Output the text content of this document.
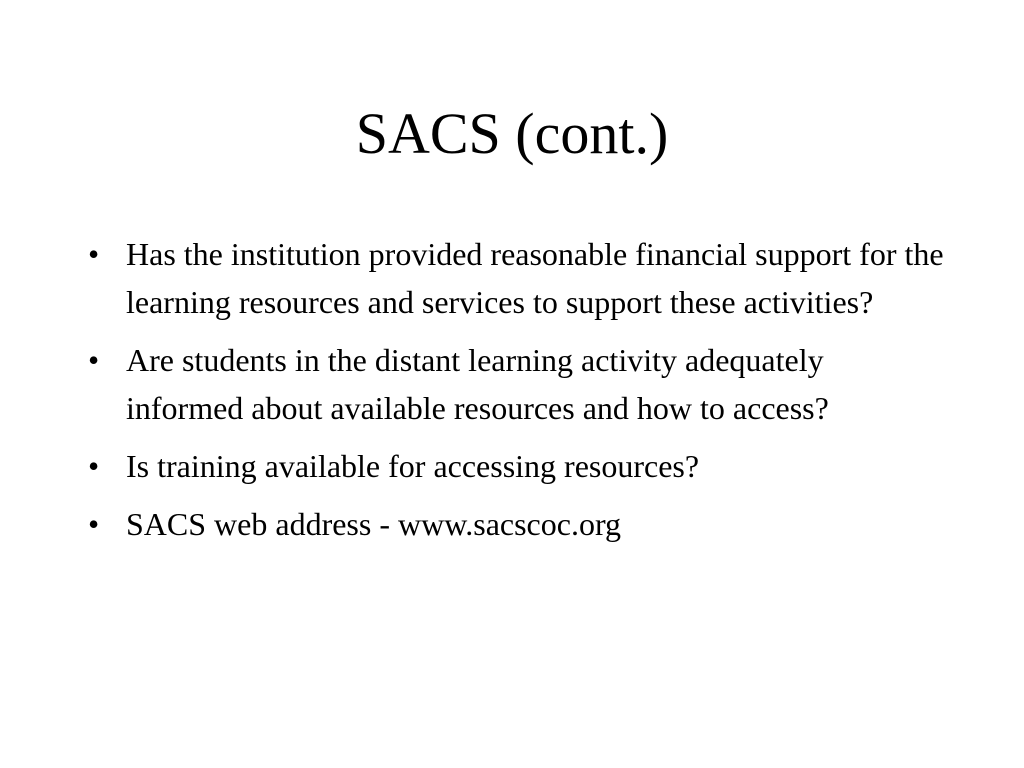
SACS (cont.)
• Has the institution provided reasonable financial support for the learning resources and services to support these activities?
• Are students in the distant learning activity adequately informed about available resources and how to access?
• Is training available for accessing resources?
• SACS web address - www.sacscoc.org
